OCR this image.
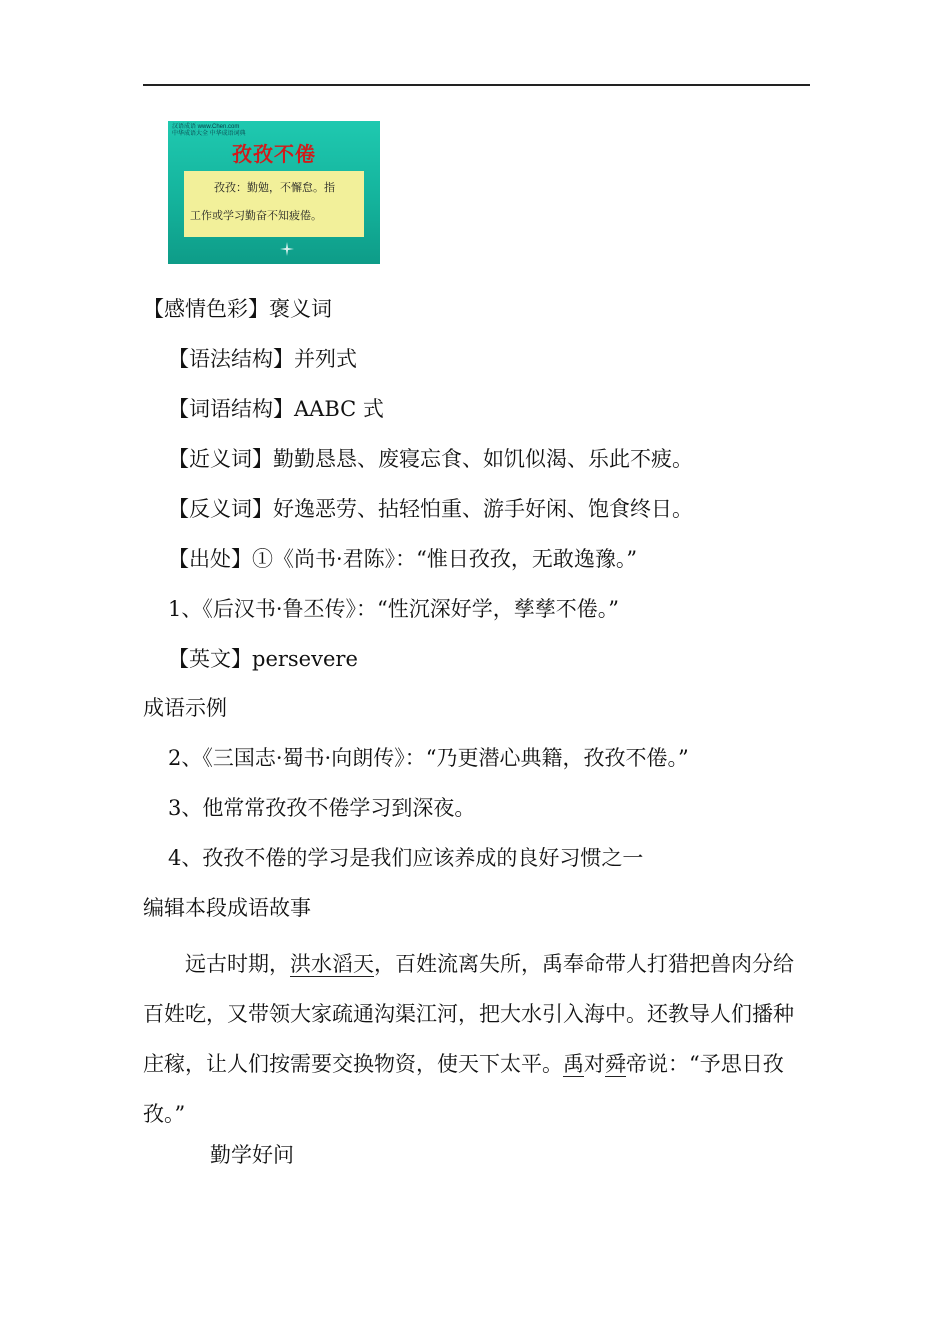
汉语成语 www.Chen.com
中华成语大全 中华成语词典
孜孜不倦
孜孜：勤勉，不懈怠。指
工作或学习勤奋不知疲倦。
【感情色彩】褒义词
【语法结构】并列式
【词语结构】AABC 式
【近义词】勤勤恳恳、废寝忘食、如饥似渴、乐此不疲。
【反义词】好逸恶劳、拈轻怕重、游手好闲、饱食终日。
【出处】①《尚书·君陈》：“惟日孜孜，无敢逸豫。”
1、《后汉书·鲁丕传》：“性沉深好学，孳孳不倦。”
【英文】persevere
成语示例
2、《三国志·蜀书·向朗传》：“乃更潜心典籍，孜孜不倦。”
3、他常常孜孜不倦学习到深夜。
4、孜孜不倦的学习是我们应该养成的良好习惯之一
编辑本段成语故事
远古时期，洪水滔天，百姓流离失所，禹奉命带人打猎把兽肉分给百姓吃，又带领大家疏通沟渠江河，把大水引入海中。还教导人们播种庄稼，让人们按需要交换物资，使天下太平。禹对舜帝说：“予思日孜孜。”
勤学好问
